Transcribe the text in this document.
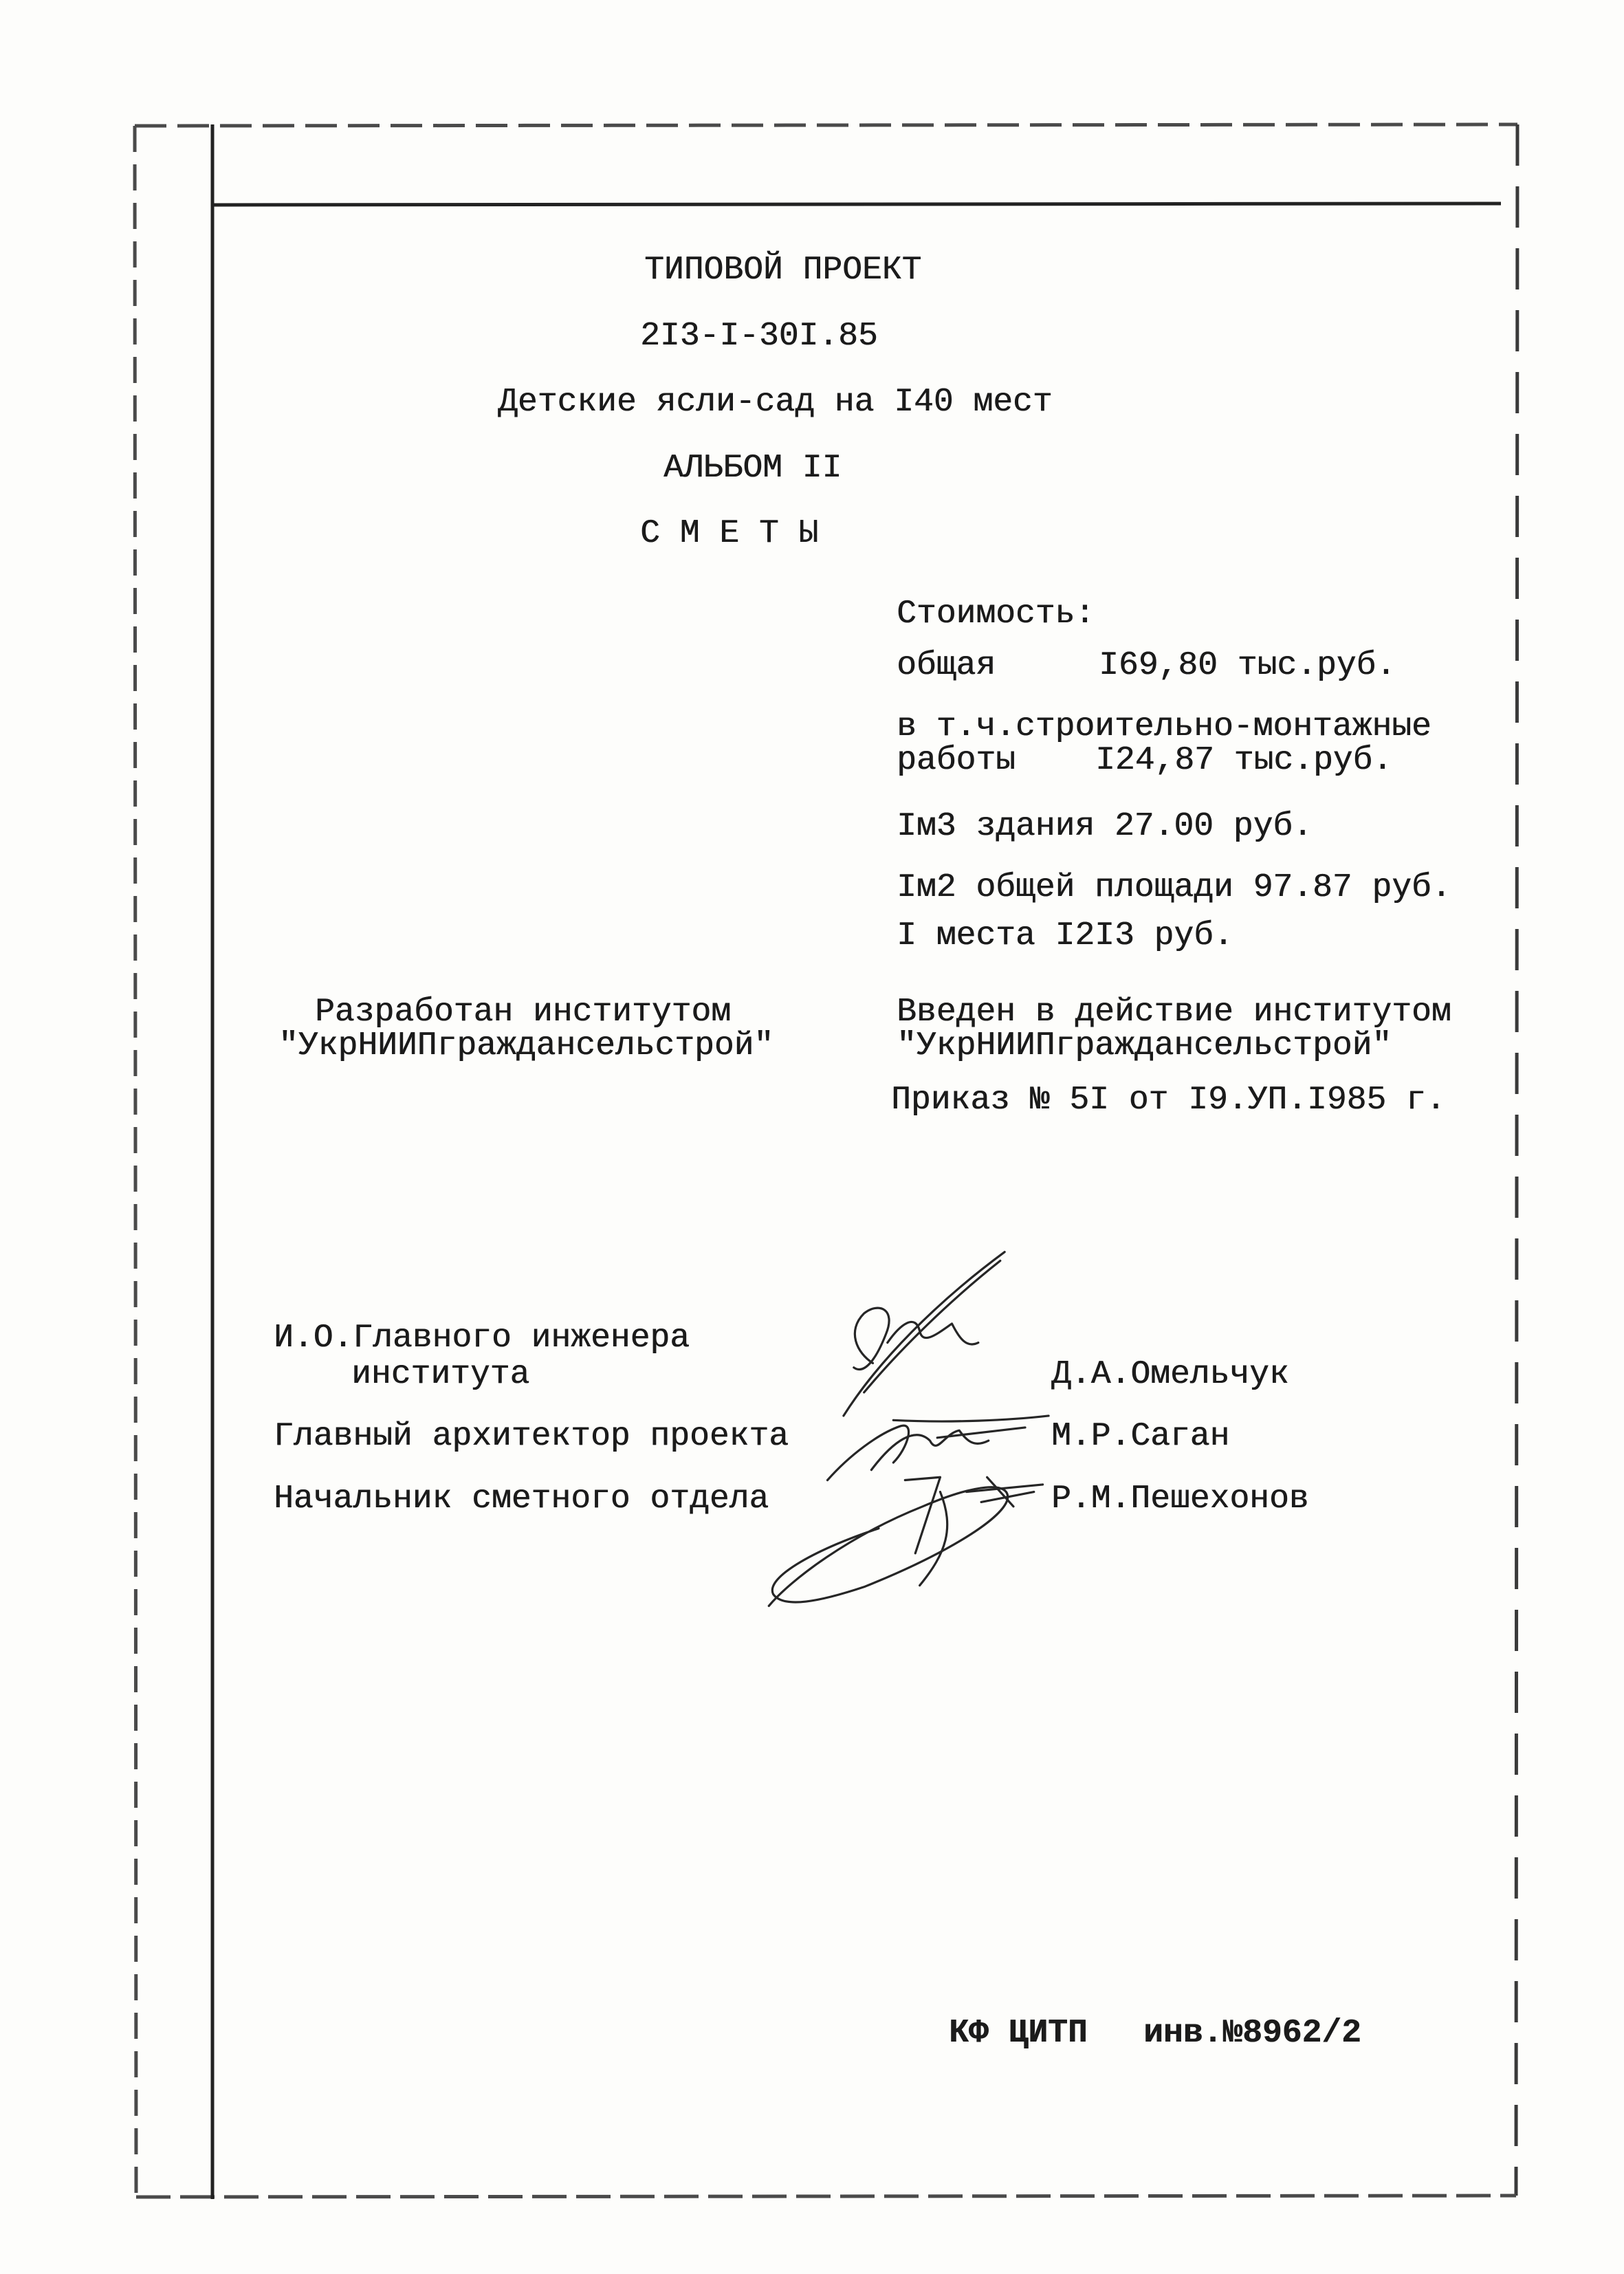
ТИПОВОЙ ПРОЕКТ
2I3-I-30I.85
Детские ясли-сад на I40 мест
АЛЬБОМ II
С М Е Т Ы
Стоимость:
общая	I69,80 тыс.руб.
в т.ч.строительно-монтажные
работы I24,87 тыс.руб.
Iм3 здания 27.00 руб.
Iм2 общей площади 97.87 руб.
I места I2I3 руб.
Разработан институтом
"УкрНИИПграждансельстрой"
Введен в действие институтом
"УкрНИИПграждансельстрой"
Приказ № 5I от I9.УП.I985 г.
И.О.Главного инженера
института	Д.А.Омельчук
Главный архитектор проекта	М.Р.Саган
Начальник сметного отдела	Р.М.Пешехонов
КФ ЦИТП инв.№8962/2
